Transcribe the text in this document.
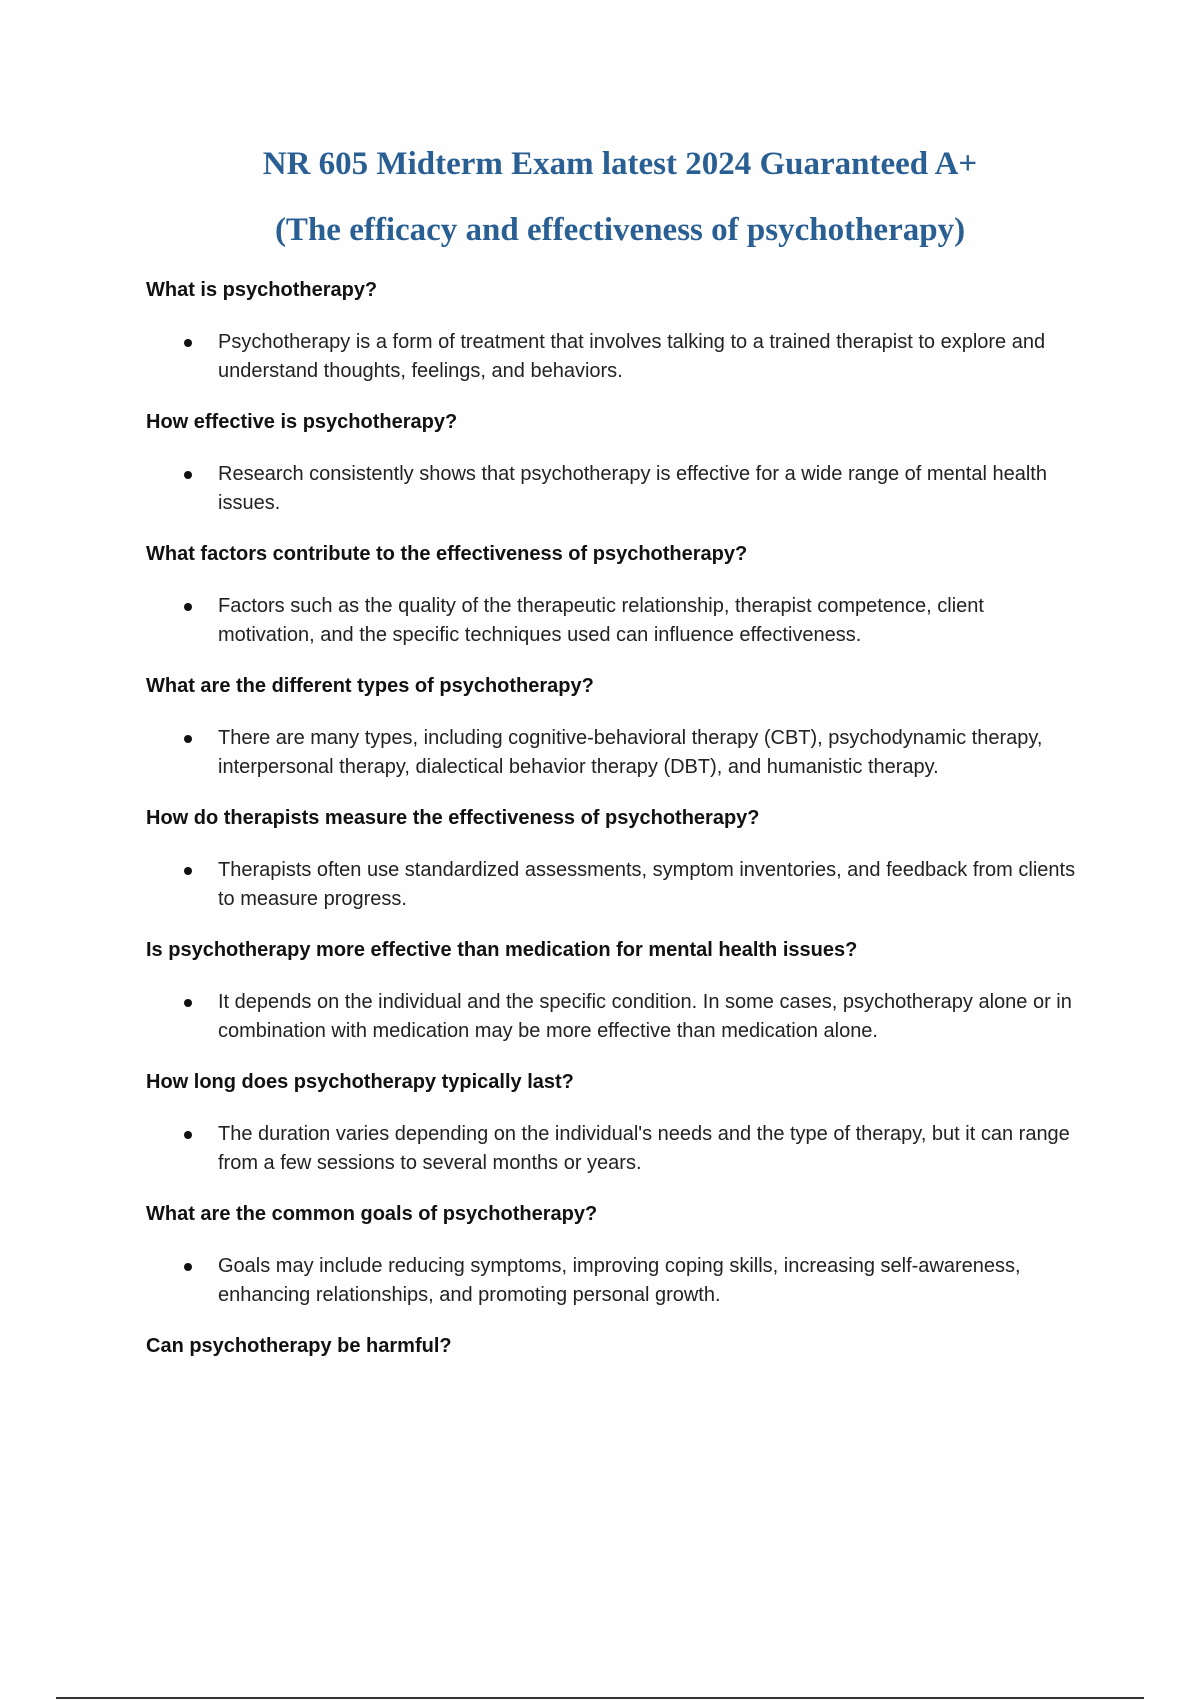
NR 605 Midterm Exam latest 2024 Guaranteed A+
(The efficacy and effectiveness of psychotherapy)

What is psychotherapy?

Psychotherapy is a form of treatment that involves talking to a trained therapist to explore and understand thoughts, feelings, and behaviors.

How effective is psychotherapy?

Research consistently shows that psychotherapy is effective for a wide range of mental health issues.

What factors contribute to the effectiveness of psychotherapy?

Factors such as the quality of the therapeutic relationship, therapist competence, client motivation, and the specific techniques used can influence effectiveness.

What are the different types of psychotherapy?

There are many types, including cognitive-behavioral therapy (CBT), psychodynamic therapy, interpersonal therapy, dialectical behavior therapy (DBT), and humanistic therapy.

How do therapists measure the effectiveness of psychotherapy?

Therapists often use standardized assessments, symptom inventories, and feedback from clients to measure progress.

Is psychotherapy more effective than medication for mental health issues?

It depends on the individual and the specific condition. In some cases, psychotherapy alone or in combination with medication may be more effective than medication alone.

How long does psychotherapy typically last?

The duration varies depending on the individual's needs and the type of therapy, but it can range from a few sessions to several months or years.

What are the common goals of psychotherapy?

Goals may include reducing symptoms, improving coping skills, increasing self-awareness, enhancing relationships, and promoting personal growth.

Can psychotherapy be harmful?
